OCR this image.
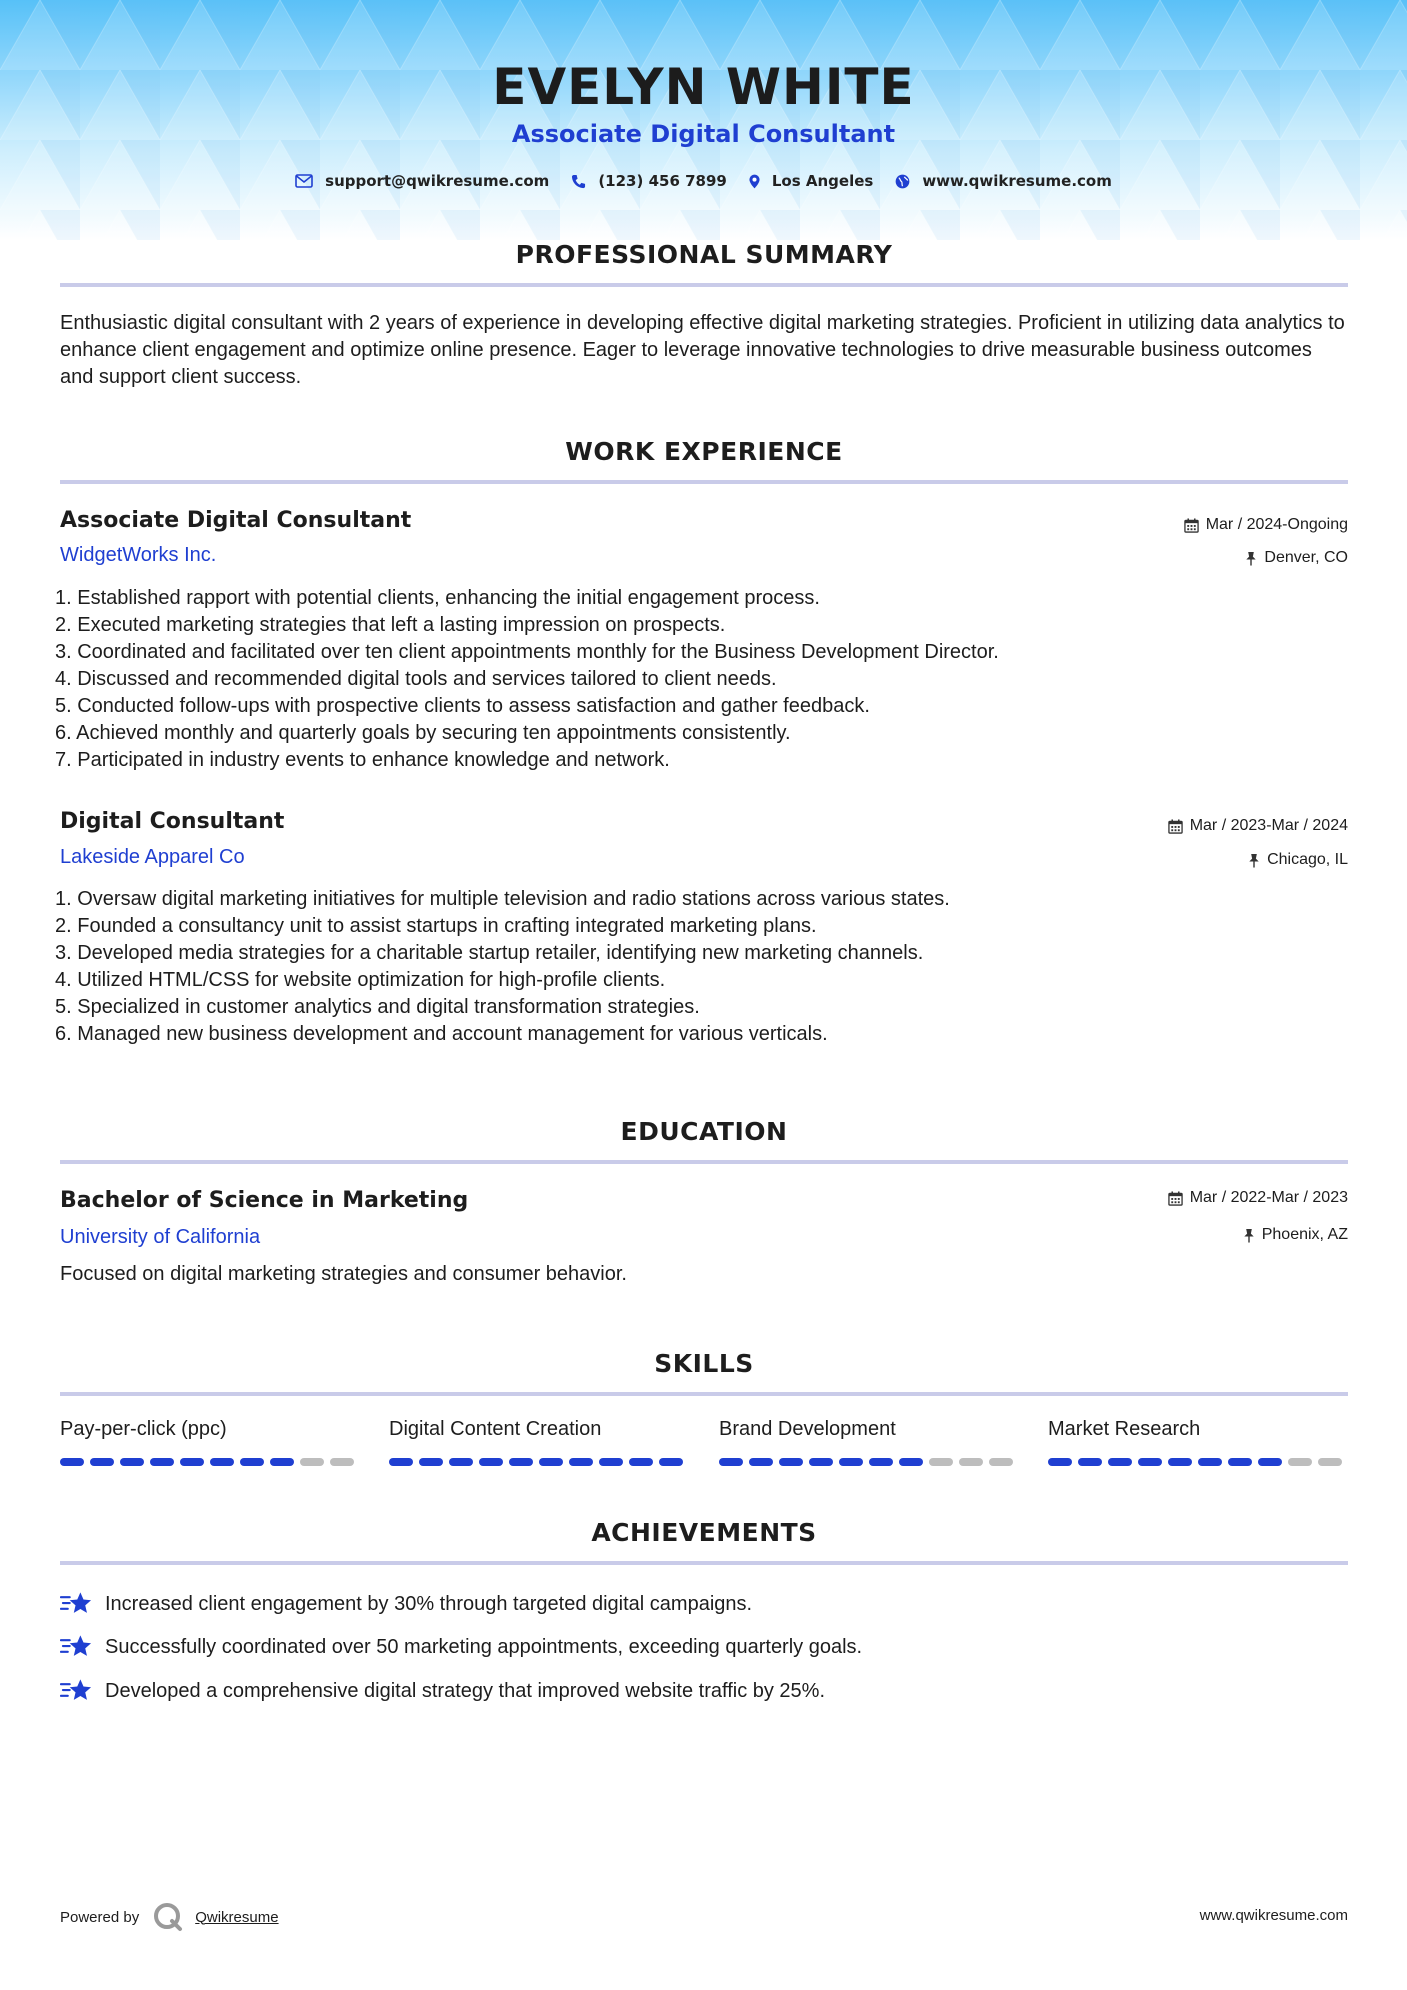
EVELYN WHITE
Associate Digital Consultant
support@qwikresume.com	(123) 456 7899	Los Angeles	www.qwikresume.com
PROFESSIONAL SUMMARY
Enthusiastic digital consultant with 2 years of experience in developing effective digital marketing strategies. Proficient in utilizing data analytics to enhance client engagement and optimize online presence. Eager to leverage innovative technologies to drive measurable business outcomes and support client success.
WORK EXPERIENCE
Associate Digital Consultant
WidgetWorks Inc.
Mar / 2024-Ongoing
Denver, CO
1. Established rapport with potential clients, enhancing the initial engagement process.
2. Executed marketing strategies that left a lasting impression on prospects.
3. Coordinated and facilitated over ten client appointments monthly for the Business Development Director.
4. Discussed and recommended digital tools and services tailored to client needs.
5. Conducted follow-ups with prospective clients to assess satisfaction and gather feedback.
6. Achieved monthly and quarterly goals by securing ten appointments consistently.
7. Participated in industry events to enhance knowledge and network.
Digital Consultant
Lakeside Apparel Co
Mar / 2023-Mar / 2024
Chicago, IL
1. Oversaw digital marketing initiatives for multiple television and radio stations across various states.
2. Founded a consultancy unit to assist startups in crafting integrated marketing plans.
3. Developed media strategies for a charitable startup retailer, identifying new marketing channels.
4. Utilized HTML/CSS for website optimization for high-profile clients.
5. Specialized in customer analytics and digital transformation strategies.
6. Managed new business development and account management for various verticals.
EDUCATION
Bachelor of Science in Marketing
University of California
Mar / 2022-Mar / 2023
Phoenix, AZ
Focused on digital marketing strategies and consumer behavior.
SKILLS
Pay-per-click (ppc)	Digital Content Creation	Brand Development	Market Research
ACHIEVEMENTS
Increased client engagement by 30% through targeted digital campaigns.
Successfully coordinated over 50 marketing appointments, exceeding quarterly goals.
Developed a comprehensive digital strategy that improved website traffic by 25%.
Powered by	Qwikresume	www.qwikresume.com
